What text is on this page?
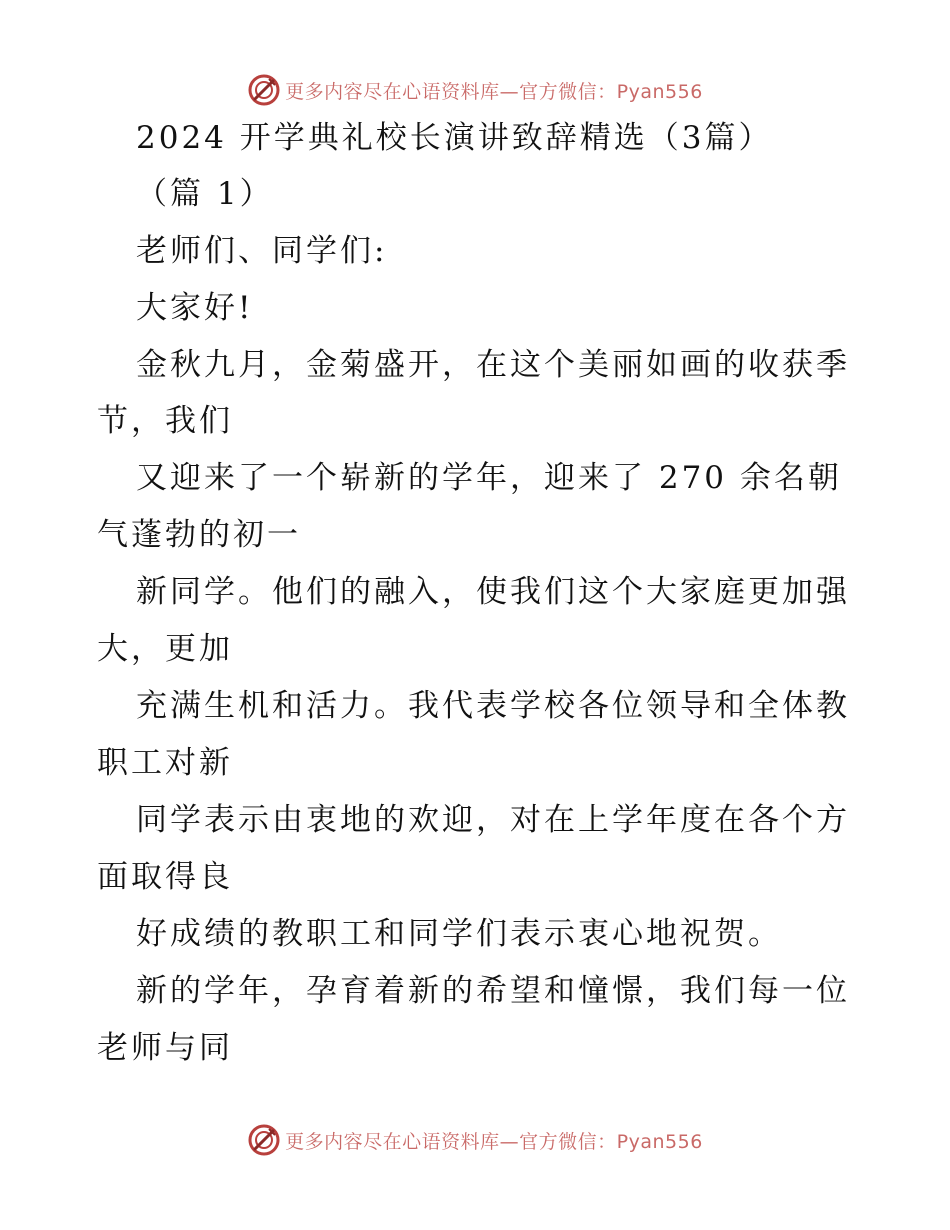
更多内容尽在心语资料库—官方微信：Pyan556
2024 开学典礼校长演讲致辞精选（3篇）
（篇 1）
老师们、同学们:
大家好!
金秋九月，金菊盛开，在这个美丽如画的收获季
节，我们
又迎来了一个崭新的学年，迎来了 270 余名朝
气蓬勃的初一
新同学。他们的融入，使我们这个大家庭更加强
大，更加
充满生机和活力。我代表学校各位领导和全体教
职工对新
同学表示由衷地的欢迎，对在上学年度在各个方
面取得良
好成绩的教职工和同学们表示衷心地祝贺。
新的学年，孕育着新的希望和憧憬，我们每一位
老师与同
更多内容尽在心语资料库—官方微信：Pyan556
